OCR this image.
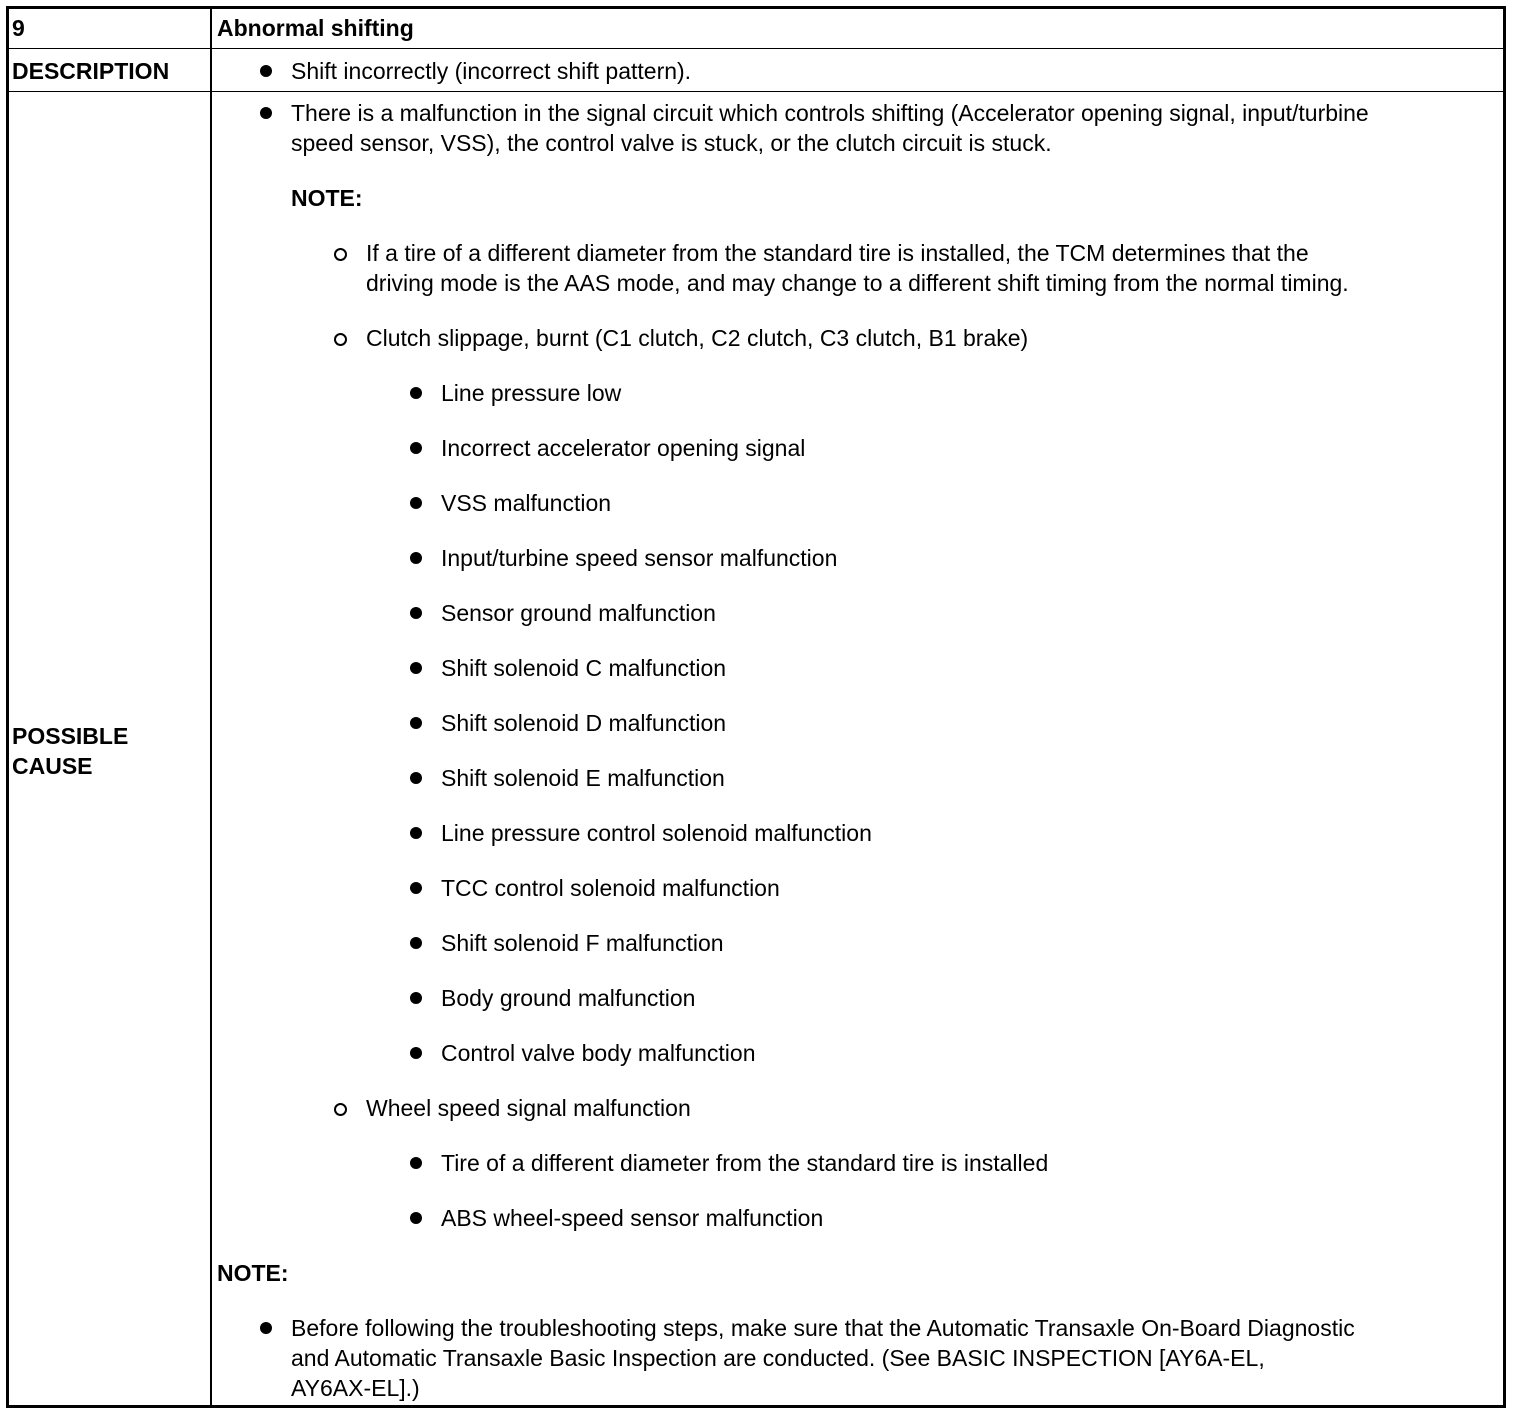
9	Abnormal shifting
DESCRIPTION	Shift incorrectly (incorrect shift pattern).
POSSIBLE
CAUSE
There is a malfunction in the signal circuit which controls shifting (Accelerator opening signal, input/turbine
speed sensor, VSS), the control valve is stuck, or the clutch circuit is stuck.
NOTE:
If a tire of a different diameter from the standard tire is installed, the TCM determines that the
driving mode is the AAS mode, and may change to a different shift timing from the normal timing.
Clutch slippage, burnt (C1 clutch, C2 clutch, C3 clutch, B1 brake)
Line pressure low
Incorrect accelerator opening signal
VSS malfunction
Input/turbine speed sensor malfunction
Sensor ground malfunction
Shift solenoid C malfunction
Shift solenoid D malfunction
Shift solenoid E malfunction
Line pressure control solenoid malfunction
TCC control solenoid malfunction
Shift solenoid F malfunction
Body ground malfunction
Control valve body malfunction
Wheel speed signal malfunction
Tire of a different diameter from the standard tire is installed
ABS wheel-speed sensor malfunction
NOTE:
Before following the troubleshooting steps, make sure that the Automatic Transaxle On-Board Diagnostic
and Automatic Transaxle Basic Inspection are conducted. (See BASIC INSPECTION [AY6A-EL,
AY6AX-EL].)
